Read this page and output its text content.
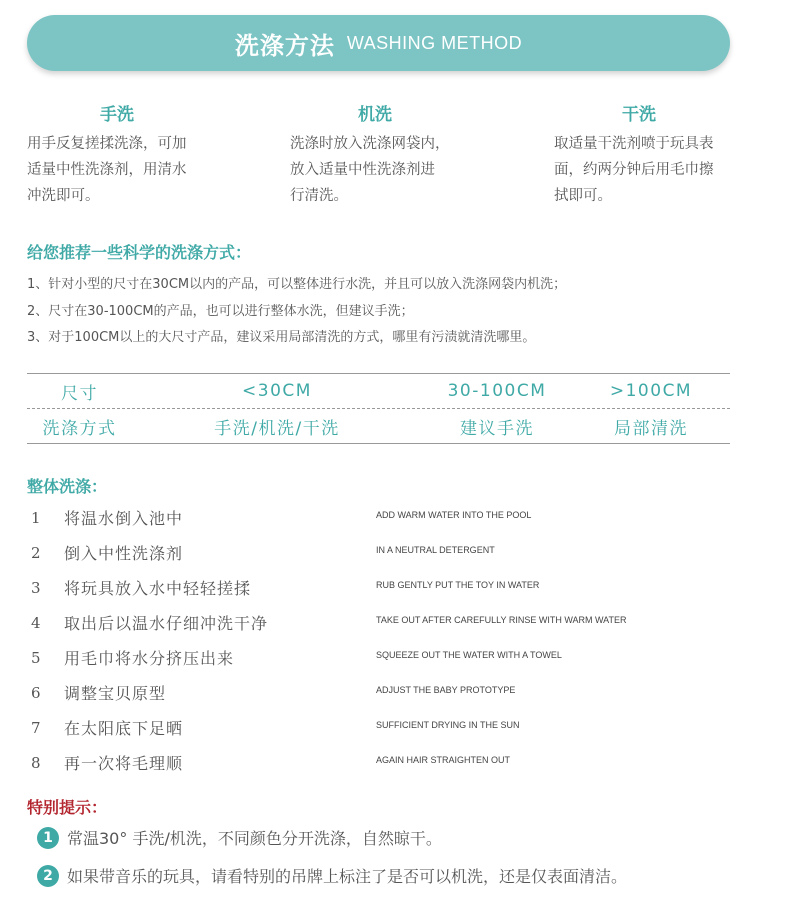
洗涤方法 WASHING METHOD
手洗
用手反复搓揉洗涤，可加
适量中性洗涤剂，用清水
冲洗即可。
机洗
洗涤时放入洗涤网袋内，
放入适量中性洗涤剂进
行清洗。
干洗
取适量干洗剂喷于玩具表
面，约两分钟后用毛巾擦
拭即可。
给您推荐一些科学的洗涤方式：
1、针对小型的尺寸在30CM以内的产品，可以整体进行水洗，并且可以放入洗涤网袋内机洗；
2、尺寸在30-100CM的产品，也可以进行整体水洗，但建议手洗；
3、对于100CM以上的大尺寸产品，建议采用局部清洗的方式，哪里有污渍就清洗哪里。
尺寸	<30CM	30-100CM	>100CM
洗涤方式	手洗/机洗/干洗	建议手洗	局部清洗
整体洗涤：
1	将温水倒入池中	ADD WARM WATER INTO THE POOL
2	倒入中性洗涤剂	IN A NEUTRAL DETERGENT
3	将玩具放入水中轻轻搓揉	RUB GENTLY PUT THE TOY IN WATER
4	取出后以温水仔细冲洗干净	TAKE OUT AFTER CAREFULLY RINSE WITH WARM WATER
5	用毛巾将水分挤压出来	SQUEEZE OUT THE WATER WITH A TOWEL
6	调整宝贝原型	ADJUST THE BABY PROTOTYPE
7	在太阳底下足晒	SUFFICIENT DRYING IN THE SUN
8	再一次将毛理顺	AGAIN HAIR STRAIGHTEN OUT
特别提示：
1 常温30° 手洗/机洗，不同颜色分开洗涤，自然晾干。
2 如果带音乐的玩具，请看特别的吊牌上标注了是否可以机洗，还是仅表面清洁。
